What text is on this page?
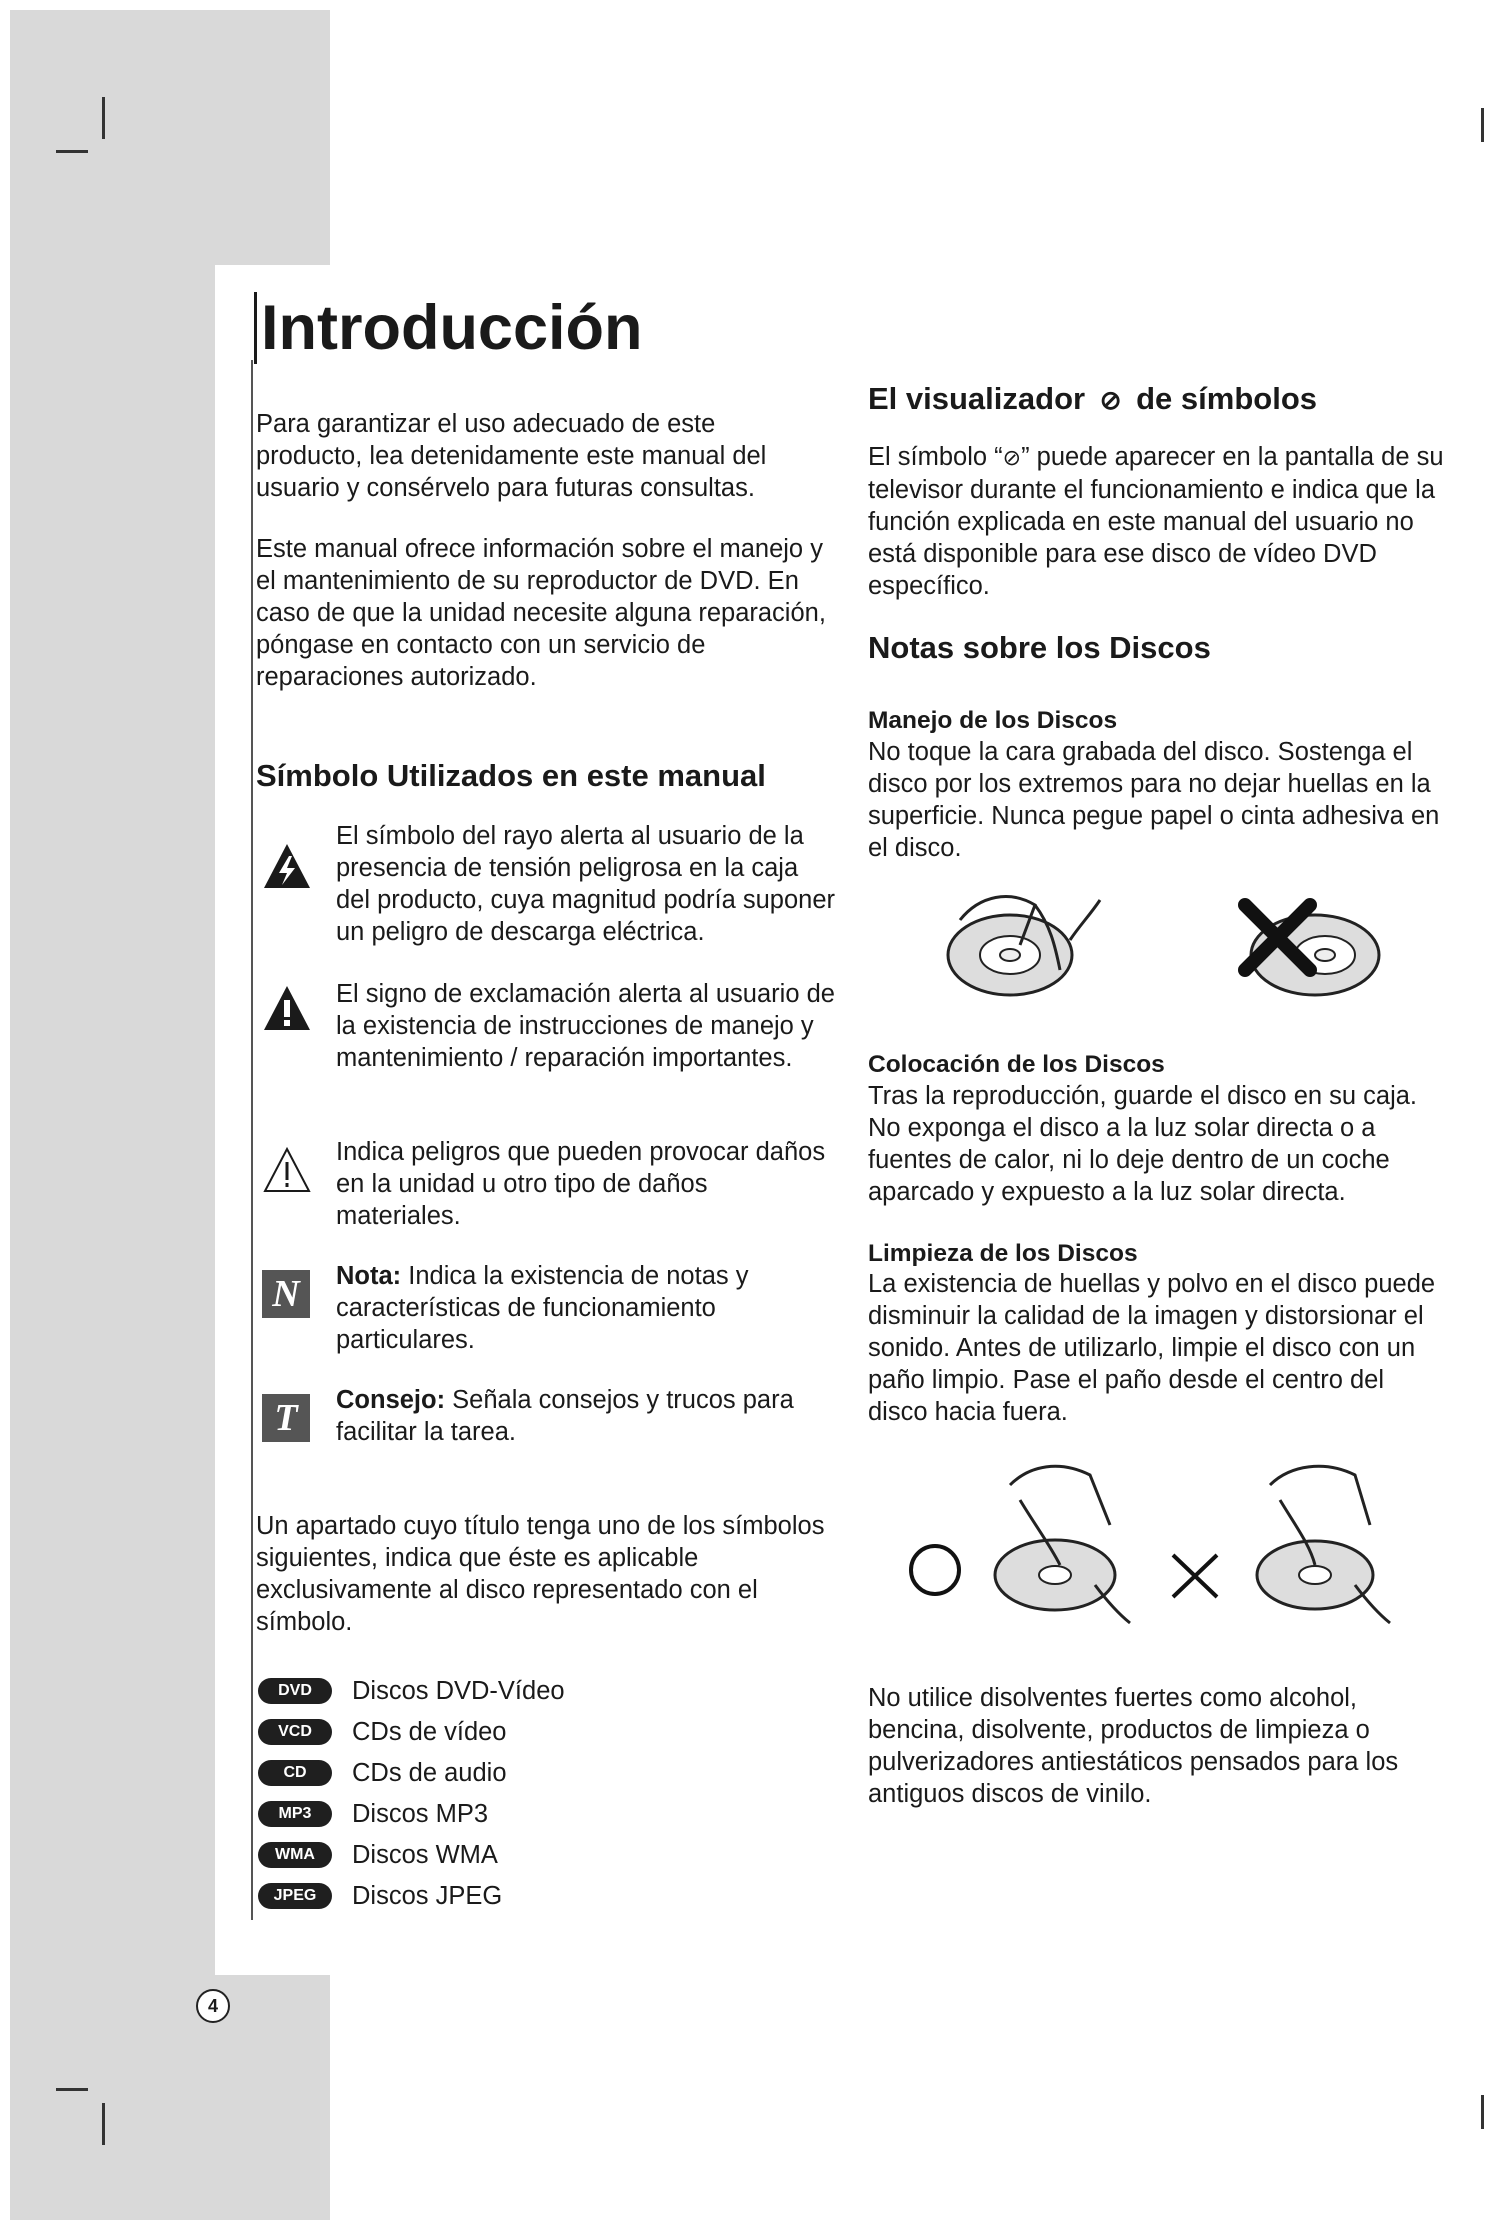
Introducción

Para garantizar el uso adecuado de este producto, lea detenidamente este manual del usuario y consérvelo para futuras consultas.

Este manual ofrece información sobre el manejo y el mantenimiento de su reproductor de DVD. En caso de que la unidad necesite alguna reparación, póngase en contacto con un servicio de reparaciones autorizado.

Símbolo Utilizados en este manual
El símbolo del rayo alerta al usuario de la presencia de tensión peligrosa en la caja del producto, cuya magnitud podría suponer un peligro de descarga eléctrica.
El signo de exclamación alerta al usuario de la existencia de instrucciones de manejo y mantenimiento / reparación importantes.
Indica peligros que pueden provocar daños en la unidad u otro tipo de daños materiales.
N	Nota: Indica la existencia de notas y características de funcionamiento particulares.
T	Consejo: Señala consejos y trucos para facilitar la tarea.

Un apartado cuyo título tenga uno de los símbolos siguientes, indica que éste es aplicable exclusivamente al disco representado con el símbolo.

DVD	Discos DVD-Vídeo
VCD	CDs de vídeo
CD	CDs de audio
MP3	Discos MP3
WMA	Discos WMA
JPEG	Discos JPEG
4
El visualizador ⊘ de símbolos

El símbolo “⊘” puede aparecer en la pantalla de su televisor durante el funcionamiento e indica que la función explicada en este manual del usuario no está disponible para ese disco de vídeo DVD específico.

Notas sobre los Discos
Manejo de los Discos

No toque la cara grabada del disco. Sostenga el disco por los extremos para no dejar huellas en la superficie. Nunca pegue papel o cinta adhesiva en el disco.

Colocación de los Discos

Tras la reproducción, guarde el disco en su caja. No exponga el disco a la luz solar directa o a fuentes de calor, ni lo deje dentro de un coche aparcado y expuesto a la luz solar directa.

Limpieza de los Discos

La existencia de huellas y polvo en el disco puede disminuir la calidad de la imagen y distorsionar el sonido. Antes de utilizarlo, limpie el disco con un paño limpio. Pase el paño desde el centro del disco hacia fuera.

No utilice disolventes fuertes como alcohol, bencina, disolvente, productos de limpieza o pulverizadores antiestáticos pensados para los antiguos discos de vinilo.
